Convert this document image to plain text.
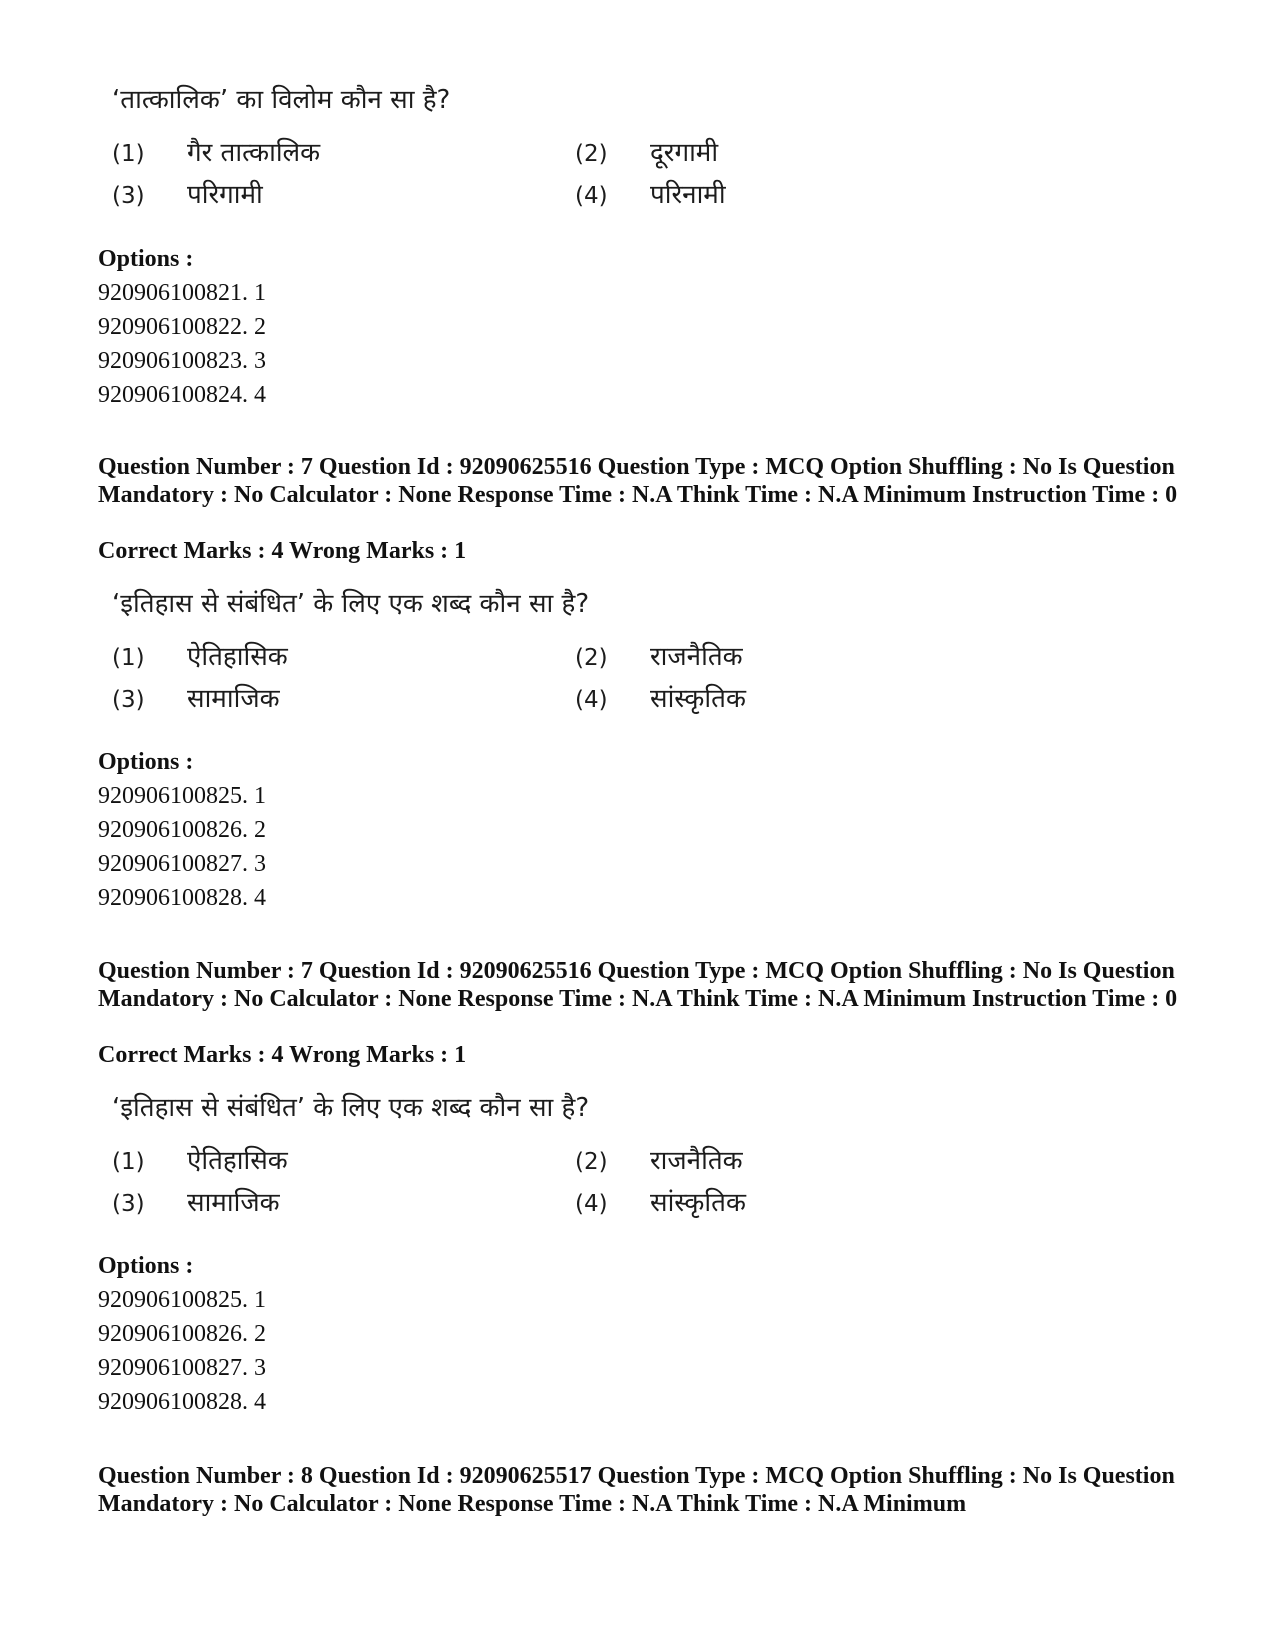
‘तात्कालिक’ का विलोम कौन सा है?
(1) गैर तात्कालिक	(2) दूरगामी
(3) परिगामी	(4) परिनामी
Options :
920906100821. 1
920906100822. 2
920906100823. 3
920906100824. 4
Question Number : 7 Question Id : 92090625516 Question Type : MCQ Option Shuffling : No Is Question Mandatory : No Calculator : None Response Time : N.A Think Time : N.A Minimum Instruction Time : 0
Correct Marks : 4 Wrong Marks : 1
‘इतिहास से संबंधित’ के लिए एक शब्द कौन सा है?
(1) ऐतिहासिक	(2) राजनैतिक
(3) सामाजिक	(4) सांस्कृतिक
Options :
920906100825. 1
920906100826. 2
920906100827. 3
920906100828. 4
Question Number : 7 Question Id : 92090625516 Question Type : MCQ Option Shuffling : No Is Question Mandatory : No Calculator : None Response Time : N.A Think Time : N.A Minimum Instruction Time : 0
Correct Marks : 4 Wrong Marks : 1
‘इतिहास से संबंधित’ के लिए एक शब्द कौन सा है?
(1) ऐतिहासिक	(2) राजनैतिक
(3) सामाजिक	(4) सांस्कृतिक
Options :
920906100825. 1
920906100826. 2
920906100827. 3
920906100828. 4
Question Number : 8 Question Id : 92090625517 Question Type : MCQ Option Shuffling : No Is Question Mandatory : No Calculator : None Response Time : N.A Think Time : N.A Minimum
